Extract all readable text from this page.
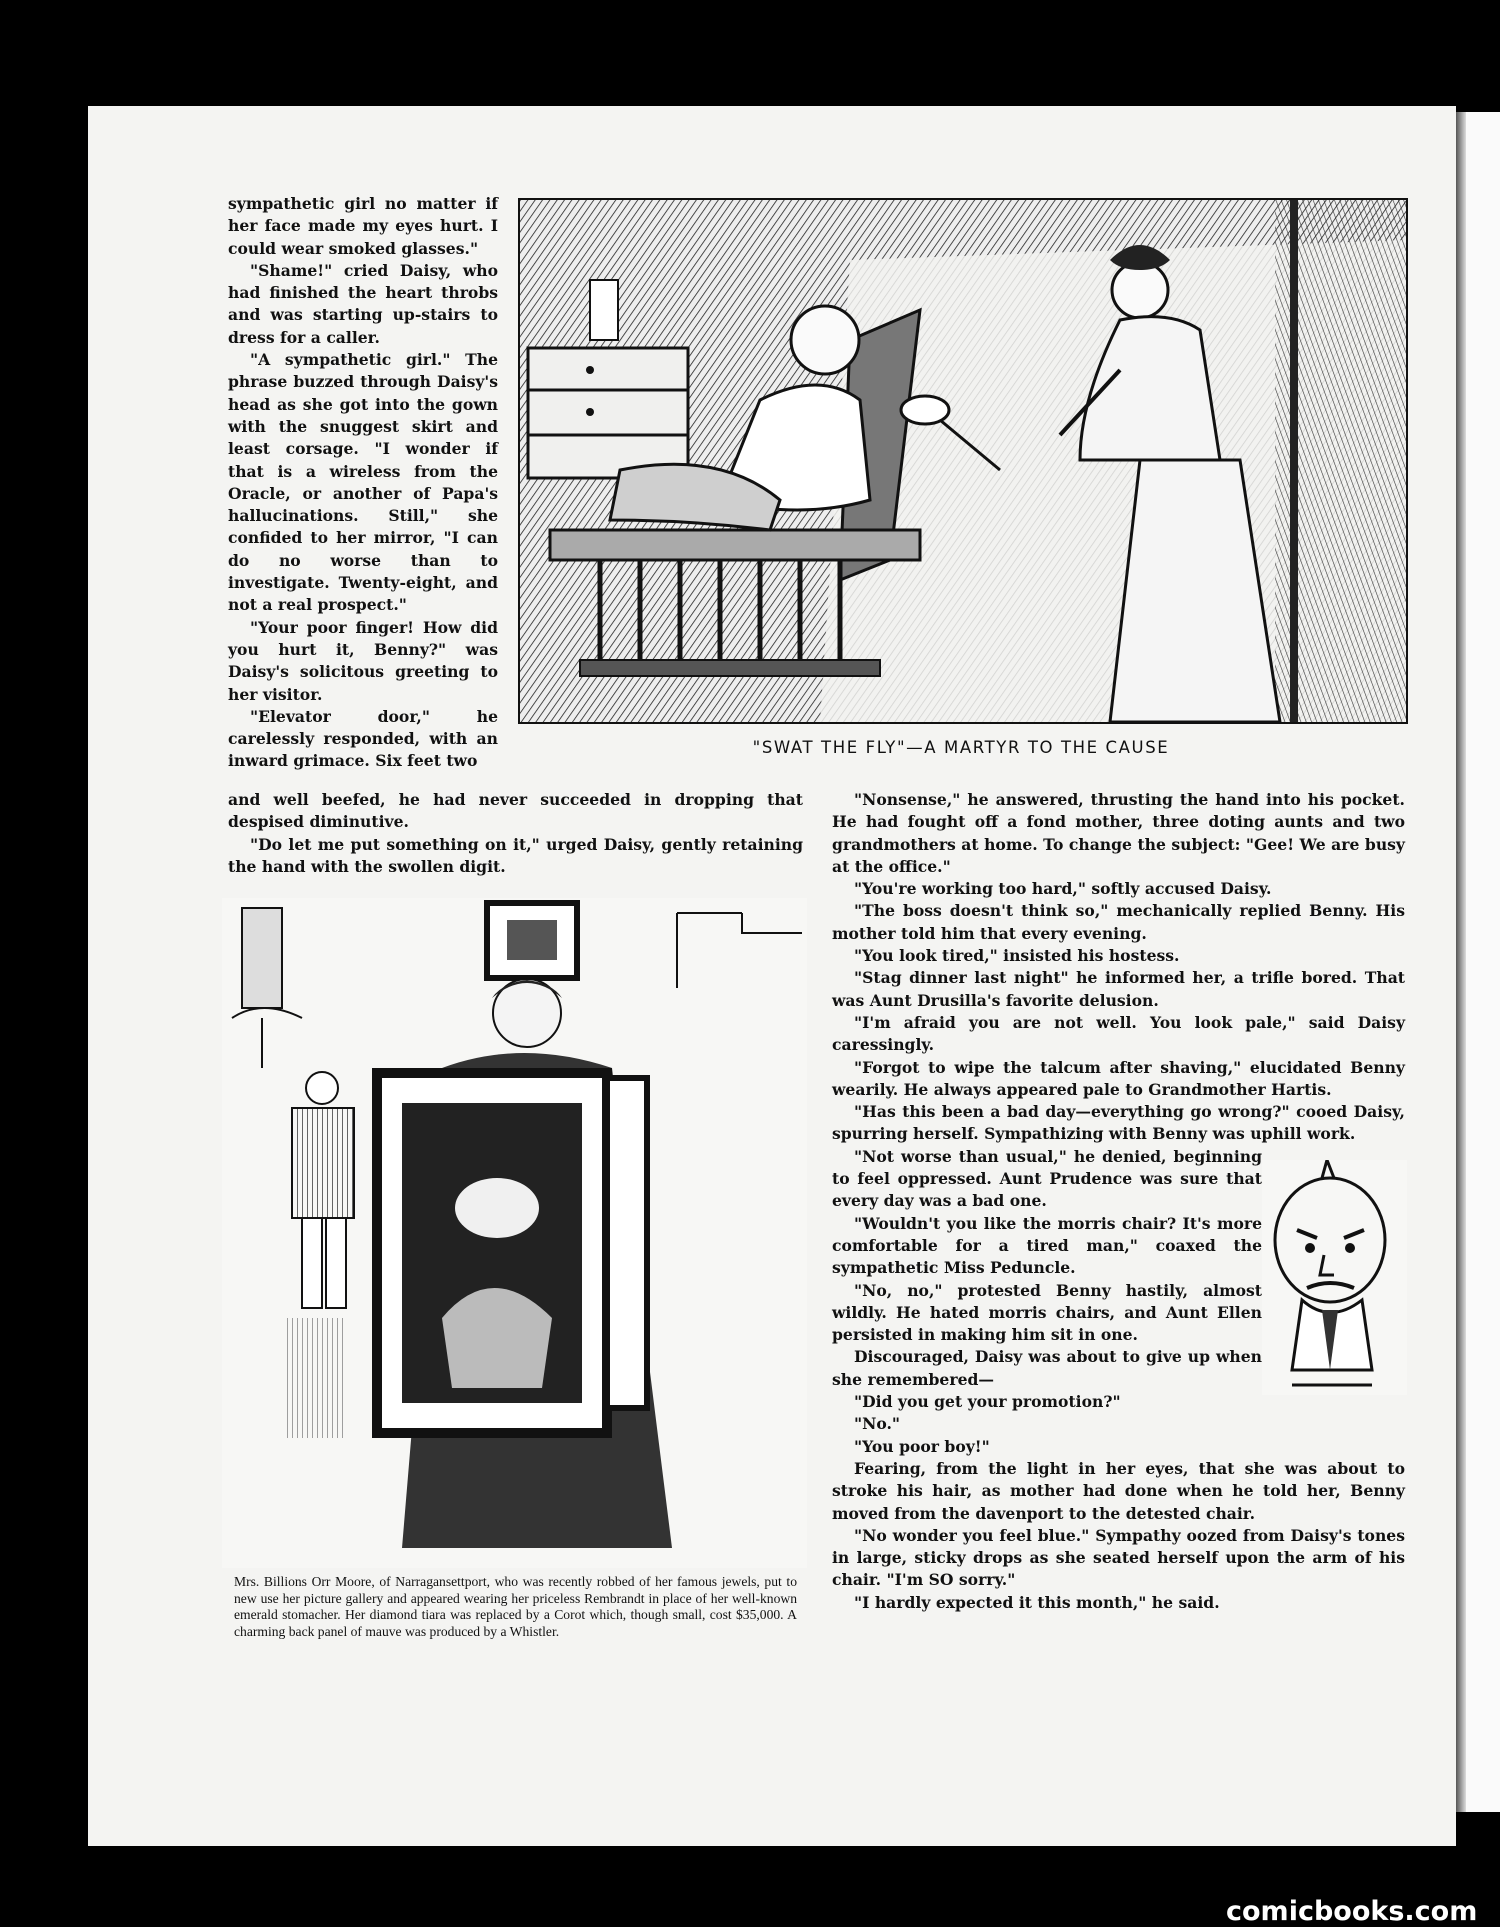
sympathetic girl no matter if her face made my eyes hurt. I could wear smoked glasses."

"Shame!" cried Daisy, who had finished the heart throbs and was starting up-stairs to dress for a caller.

"A sympathetic girl." The phrase buzzed through Daisy's head as she got into the gown with the snuggest skirt and least corsage. "I wonder if that is a wireless from the Oracle, or another of Papa's hallucinations. Still," she confided to her mirror, "I can do no worse than to investigate. Twenty-eight, and not a real prospect."

"Your poor finger! How did you hurt it, Benny?" was Daisy's solicitous greeting to her visitor.

"Elevator door," he carelessly responded, with an inward grimace. Six feet two

"SWAT THE FLY"—A MARTYR TO THE CAUSE

and well beefed, he had never succeeded in dropping that despised diminutive.

"Do let me put something on it," urged Daisy, gently retaining the hand with the swollen digit.

"Nonsense," he answered, thrusting the hand into his pocket. He had fought off a fond mother, three doting aunts and two grandmothers at home. To change the subject: "Gee! We are busy at the office."

"You're working too hard," softly accused Daisy.

"The boss doesn't think so," mechanically replied Benny. His mother told him that every evening.

"You look tired," insisted his hostess.

"Stag dinner last night" he informed her, a trifle bored. That was Aunt Drusilla's favorite delusion.

"I'm afraid you are not well. You look pale," said Daisy caressingly.

"Forgot to wipe the talcum after shaving," elucidated Benny wearily. He always appeared pale to Grandmother Hartis.

"Has this been a bad day—everything go wrong?" cooed Daisy, spurring herself. Sympathizing with Benny was uphill work.

"Not worse than usual," he denied, beginning to feel oppressed. Aunt Prudence was sure that every day was a bad one.

"Wouldn't you like the morris chair? It's more comfortable for a tired man," coaxed the sympathetic Miss Peduncle.

"No, no," protested Benny hastily, almost wildly. He hated morris chairs, and Aunt Ellen persisted in making him sit in one.

Discouraged, Daisy was about to give up when she remembered—

"Did you get your promotion?"

"No."

"You poor boy!"

Fearing, from the light in her eyes, that she was about to stroke his hair, as mother had done when he told her, Benny moved from the davenport to the detested chair.

"No wonder you feel blue." Sympathy oozed from Daisy's tones in large, sticky drops as she seated herself upon the arm of his chair. "I'm SO sorry."

"I hardly expected it this month," he said.

Mrs. Billions Orr Moore, of Narragansettport, who was recently robbed of her famous jewels, put to new use her picture gallery and appeared wearing her priceless Rembrandt in place of her well-known emerald stomacher. Her diamond tiara was replaced by a Corot which, though small, cost $35,000. A charming back panel of mauve was produced by a Whistler.
comicbooks.com
